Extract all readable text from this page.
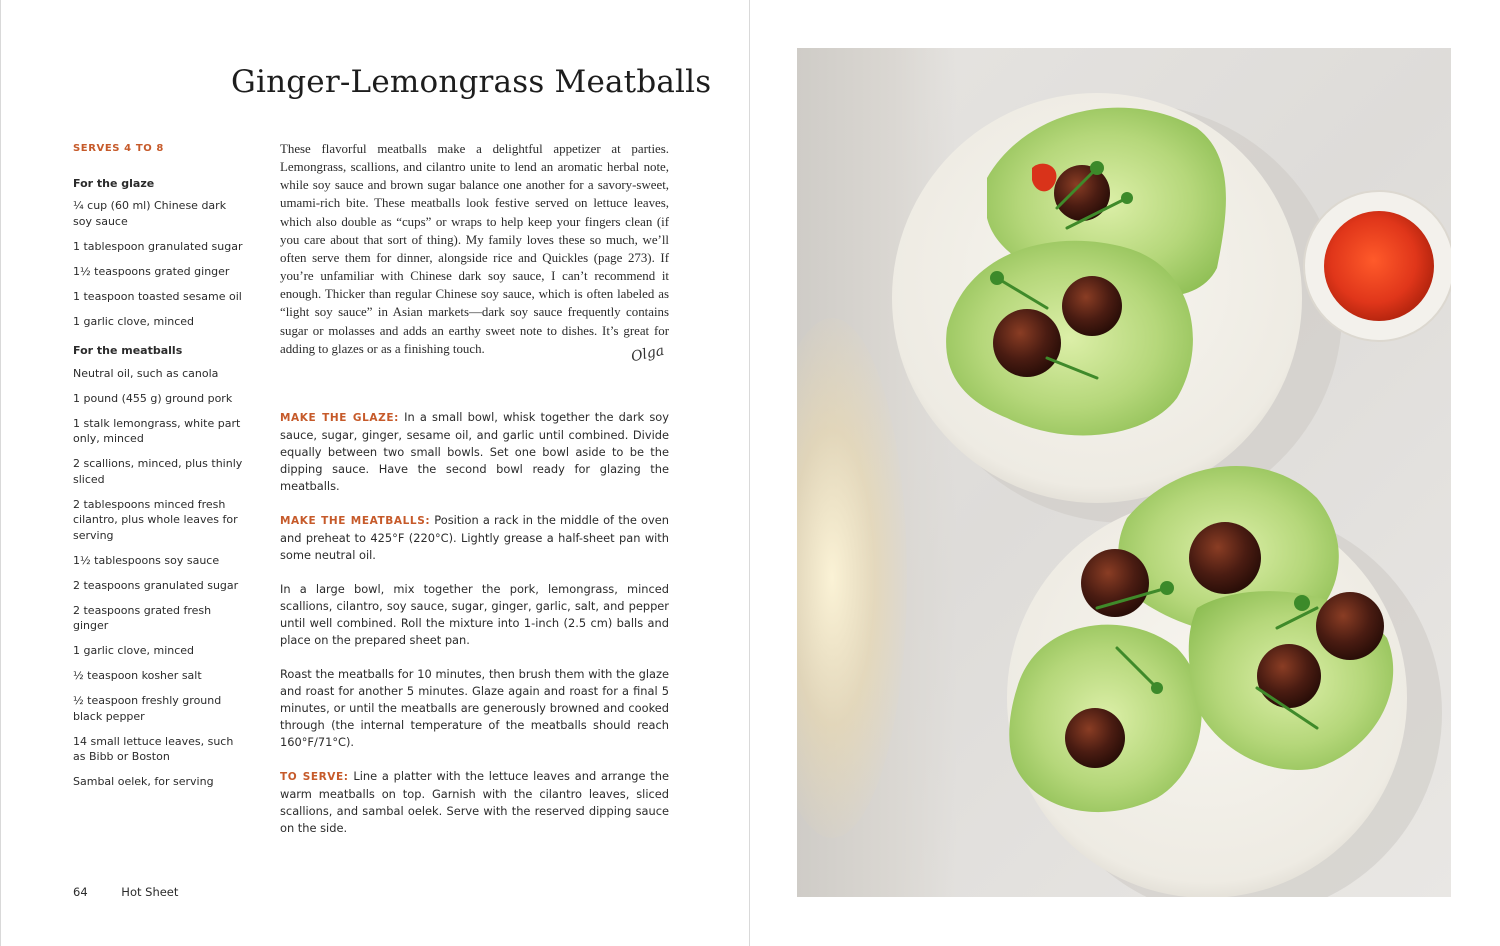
Ginger-Lemongrass Meatballs
SERVES 4 TO 8
For the glaze
¼ cup (60 ml) Chinese dark soy sauce
1 tablespoon granulated sugar
1½ teaspoons grated ginger
1 teaspoon toasted sesame oil
1 garlic clove, minced
For the meatballs
Neutral oil, such as canola
1 pound (455 g) ground pork
1 stalk lemongrass, white part only, minced
2 scallions, minced, plus thinly sliced
2 tablespoons minced fresh cilantro, plus whole leaves for serving
1½ tablespoons soy sauce
2 teaspoons granulated sugar
2 teaspoons grated fresh ginger
1 garlic clove, minced
½ teaspoon kosher salt
½ teaspoon freshly ground black pepper
14 small lettuce leaves, such as Bibb or Boston
Sambal oelek, for serving
These flavorful meatballs make a delightful appetizer at parties. Lemongrass, scallions, and cilantro unite to lend an aromatic herbal note, while soy sauce and brown sugar balance one another for a savory-sweet, umami-rich bite. These meatballs look festive served on lettuce leaves, which also double as “cups” or wraps to help keep your fingers clean (if you care about that sort of thing). My family loves these so much, we’ll often serve them for dinner, alongside rice and Quickles (page 273). If you’re unfamiliar with Chinese dark soy sauce, I can’t recommend it enough. Thicker than regular Chinese soy sauce, which is often labeled as “light soy sauce” in Asian markets—dark soy sauce frequently contains sugar or molasses and adds an earthy sweet note to dishes. It’s great for adding to glazes or as a finishing touch.	Olga

MAKE THE GLAZE: In a small bowl, whisk together the dark soy sauce, sugar, ginger, sesame oil, and garlic until combined. Divide equally between two small bowls. Set one bowl aside to be the dipping sauce. Have the second bowl ready for glazing the meatballs.

MAKE THE MEATBALLS: Position a rack in the middle of the oven and preheat to 425°F (220°C). Lightly grease a half-sheet pan with some neutral oil.

In a large bowl, mix together the pork, lemongrass, minced scallions, cilantro, soy sauce, sugar, ginger, garlic, salt, and pepper until well combined. Roll the mixture into 1-inch (2.5 cm) balls and place on the prepared sheet pan.

Roast the meatballs for 10 minutes, then brush them with the glaze and roast for another 5 minutes. Glaze again and roast for a final 5 minutes, or until the meatballs are generously browned and cooked through (the internal temperature of the meatballs should reach 160°F/71°C).

TO SERVE: Line a platter with the lettuce leaves and arrange the warm meatballs on top. Garnish with the cilantro leaves, sliced scallions, and sambal oelek. Serve with the reserved dipping sauce on the side.

64	Hot Sheet
